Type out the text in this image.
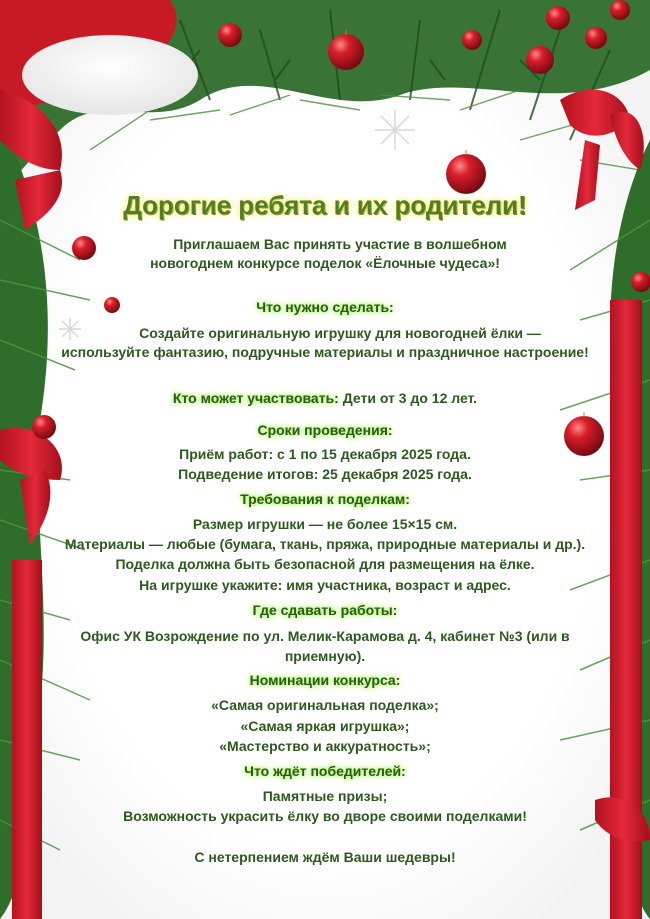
Дорогие ребята и их родители!
Приглашаем Вас принять участие в волшебном
новогоднем конкурсе поделок «Ёлочные чудеса»!
Что нужно сделать:
Создайте оригинальную игрушку для новогодней ёлки —
используйте фантазию, подручные материалы и праздничное настроение!
Кто может участвовать: Дети от 3 до 12 лет.
Сроки проведения:
Приём работ: с 1 по 15 декабря 2025 года.
Подведение итогов: 25 декабря 2025 года.
Требования к поделкам:
Размер игрушки — не более 15×15 см.
Материалы — любые (бумага, ткань, пряжа, природные материалы и др.).
Поделка должна быть безопасной для размещения на ёлке.
На игрушке укажите: имя участника, возраст и адрес.
Где сдавать работы:
Офис УК Возрождение по ул. Мелик-Карамова д. 4, кабинет №3 (или в
приемную).
Номинации конкурса:
«Самая оригинальная поделка»;
«Самая яркая игрушка»;
«Мастерство и аккуратность»;
Что ждёт победителей:
Памятные призы;
Возможность украсить ёлку во дворе своими поделками!
С нетерпением ждём Ваши шедевры!
